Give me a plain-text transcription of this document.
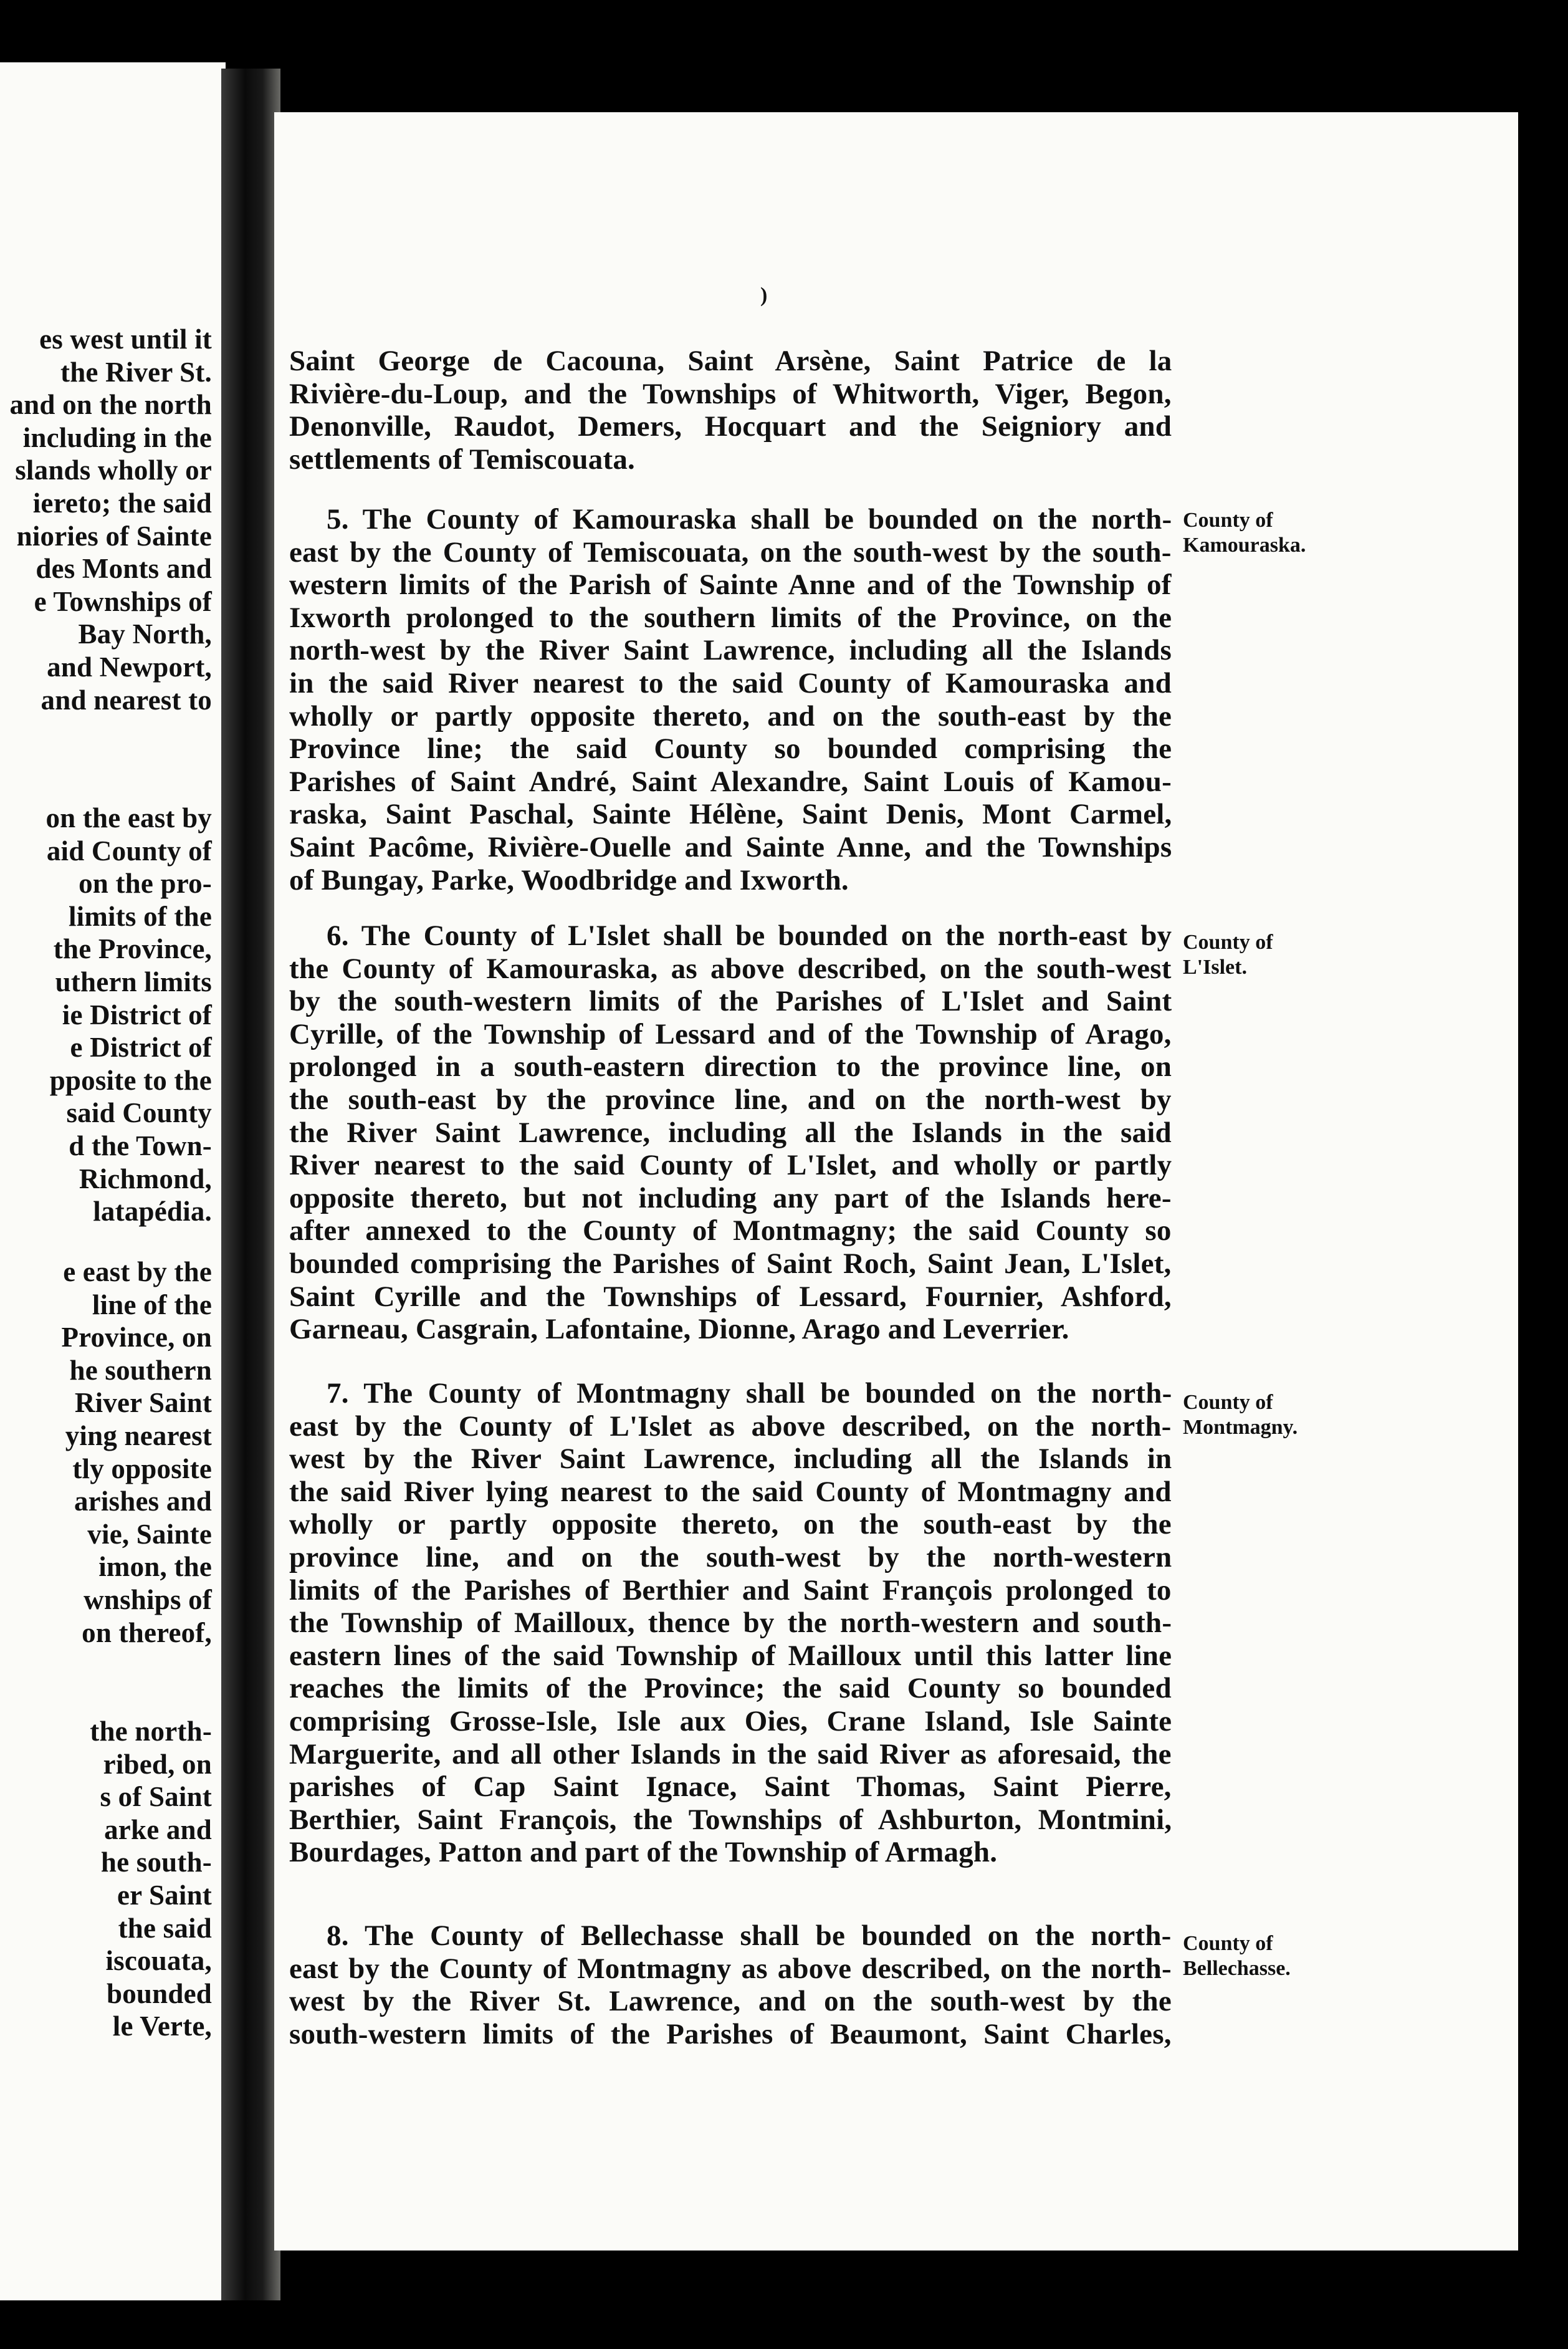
es west until it
the River St.
and on the north
including in the
slands wholly or
iereto; the said
niories of Sainte
des Monts and
e Townships of
Bay North,
and Newport,
and nearest to
on the east by
aid County of
on the pro-
limits of the
the Province,
uthern limits
ie District of
e District of
pposite to the
said County
d the Town-
Richmond,
latapédia.
e east by the
line of the
Province, on
he southern
River Saint
ying nearest
tly opposite
arishes and
vie, Sainte
imon, the
wnships of
on thereof,
the north-
ribed, on
s of Saint
arke and
he south-
er Saint
the said
iscouata,
bounded
le Verte,
)
Saint George de Cacouna, Saint Arsène, Saint Patrice de la
Rivière-du-Loup, and the Townships of Whitworth, Viger, Begon,
Denonville, Raudot, Demers, Hocquart and the Seigniory and
settlements of Temiscouata.
5. The County of Kamouraska shall be bounded on the north-
east by the County of Temiscouata, on the south-west by the south-
western limits of the Parish of Sainte Anne and of the Township of
Ixworth prolonged to the southern limits of the Province, on the
north-west by the River Saint Lawrence, including all the Islands
in the said River nearest to the said County of Kamouraska and
wholly or partly opposite thereto, and on the south-east by the
Province line; the said County so bounded comprising the
Parishes of Saint André, Saint Alexandre, Saint Louis of Kamou-
raska, Saint Paschal, Sainte Hélène, Saint Denis, Mont Carmel,
Saint Pacôme, Rivière-Ouelle and Sainte Anne, and the Townships
of Bungay, Parke, Woodbridge and Ixworth.
County of
Kamouraska.
6. The County of L'Islet shall be bounded on the north-east by
the County of Kamouraska, as above described, on the south-west
by the south-western limits of the Parishes of L'Islet and Saint
Cyrille, of the Township of Lessard and of the Township of Arago,
prolonged in a south-eastern direction to the province line, on
the south-east by the province line, and on the north-west by
the River Saint Lawrence, including all the Islands in the said
River nearest to the said County of L'Islet, and wholly or partly
opposite thereto, but not including any part of the Islands here-
after annexed to the County of Montmagny; the said County so
bounded comprising the Parishes of Saint Roch, Saint Jean, L'Islet,
Saint Cyrille and the Townships of Lessard, Fournier, Ashford,
Garneau, Casgrain, Lafontaine, Dionne, Arago and Leverrier.
County of
L'Islet.
7. The County of Montmagny shall be bounded on the north-
east by the County of L'Islet as above described, on the north-
west by the River Saint Lawrence, including all the Islands in
the said River lying nearest to the said County of Montmagny and
wholly or partly opposite thereto, on the south-east by the
province line, and on the south-west by the north-western
limits of the Parishes of Berthier and Saint François prolonged to
the Township of Mailloux, thence by the north-western and south-
eastern lines of the said Township of Mailloux until this latter line
reaches the limits of the Province; the said County so bounded
comprising Grosse-Isle, Isle aux Oies, Crane Island, Isle Sainte
Marguerite, and all other Islands in the said River as aforesaid, the
parishes of Cap Saint Ignace, Saint Thomas, Saint Pierre,
Berthier, Saint François, the Townships of Ashburton, Montmini,
Bourdages, Patton and part of the Township of Armagh.
County of
Montmagny.
8. The County of Bellechasse shall be bounded on the north-
east by the County of Montmagny as above described, on the north-
west by the River St. Lawrence, and on the south-west by the
south-western limits of the Parishes of Beaumont, Saint Charles,
County of
Bellechasse.
